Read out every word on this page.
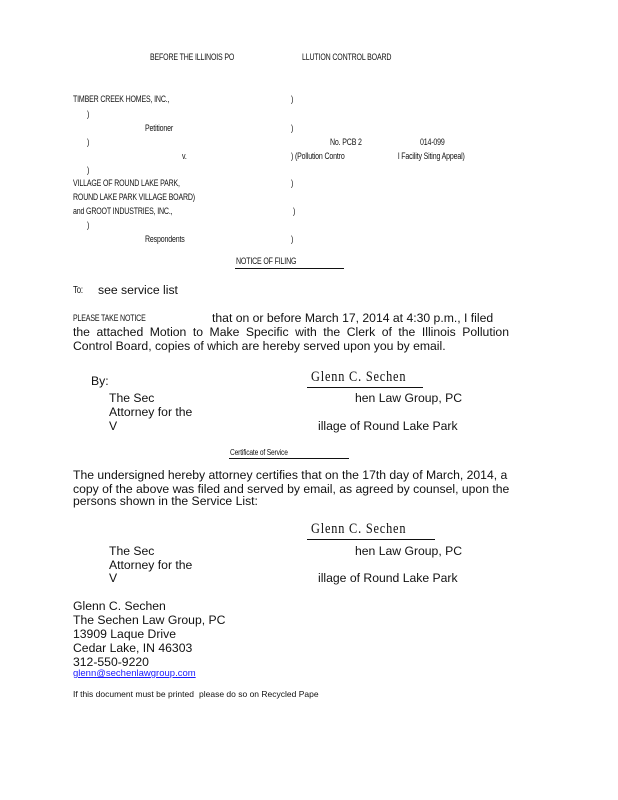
BEFORE THE ILLINOIS PO	LLUTION CONTROL BOARD
TIMBER CREEK HOMES, INC.,	)
)
Petitioner	)
)	No. PCB 2	014-099
v.	) (Pollution Contro	l Facility Siting Appeal)
)
VILLAGE OF ROUND LAKE PARK,	)
ROUND LAKE PARK VILLAGE BOARD)
and GROOT INDUSTRIES, INC.,	)
)
Respondents	)
NOTICE OF FILING
To: see service list
PLEASE TAKE NOTICE	that on or before March 17, 2014 at 4:30 p.m., I filed
the attached Motion to Make Specific with the Clerk of the Illinois Pollution
Control Board, copies of which are hereby served upon you by email.
By:	Glenn C. Sechen
The Sec	hen Law Group, PC
Attorney for the
V	illage of Round Lake Park
Certificate of Service
The undersigned hereby attorney certifies that on the 17th day of March, 2014, a
copy of the above was filed and served by email, as agreed by counsel, upon the
persons shown in the Service List:
Glenn C. Sechen
The Sec	hen Law Group, PC
Attorney for the
V	illage of Round Lake Park
Glenn C. Sechen
The Sechen Law Group, PC
13909 Laque Drive
Cedar Lake, IN 46303
312-550-9220
glenn@sechenlawgroup.com
If this document must be printed please do so on Recycled Pape
